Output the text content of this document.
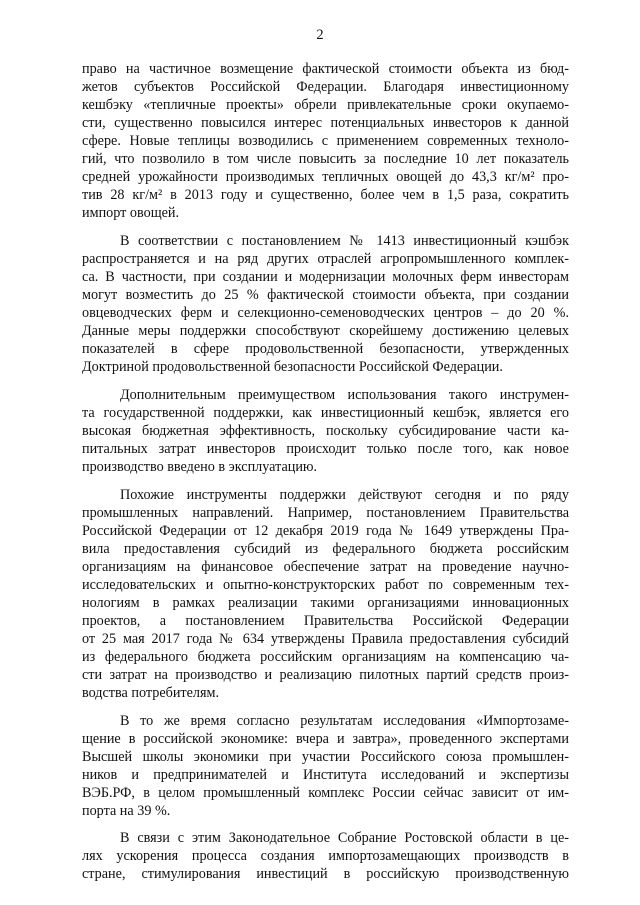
2
право на частичное возмещение фактической стоимости объекта из бюд-
жетов субъектов Российской Федерации. Благодаря инвестиционному
кешбэку «тепличные проекты» обрели привлекательные сроки окупаемо-
сти, существенно повысился интерес потенциальных инвесторов к данной
сфере. Новые теплицы возводились с применением современных техноло-
гий, что позволило в том числе повысить за последние 10 лет показатель
средней урожайности производимых тепличных овощей до 43,3 кг/м² про-
тив 28 кг/м² в 2013 году и существенно, более чем в 1,5 раза, сократить
импорт овощей.
В соответствии с постановлением № 1413 инвестиционный кэшбэк
распространяется и на ряд других отраслей агропромышленного комплек-
са. В частности, при создании и модернизации молочных ферм инвесторам
могут возместить до 25 % фактической стоимости объекта, при создании
овцеводческих ферм и селекционно-семеноводческих центров – до 20 %.
Данные меры поддержки способствуют скорейшему достижению целевых
показателей в сфере продовольственной безопасности, утвержденных
Доктриной продовольственной безопасности Российской Федерации.
Дополнительным преимуществом использования такого инструмен-
та государственной поддержки, как инвестиционный кешбэк, является его
высокая бюджетная эффективность, поскольку субсидирование части ка-
питальных затрат инвесторов происходит только после того, как новое
производство введено в эксплуатацию.
Похожие инструменты поддержки действуют сегодня и по ряду
промышленных направлений. Например, постановлением Правительства
Российской Федерации от 12 декабря 2019 года № 1649 утверждены Пра-
вила предоставления субсидий из федерального бюджета российским
организациям на финансовое обеспечение затрат на проведение научно-
исследовательских и опытно-конструкторских работ по современным тех-
нологиям в рамках реализации такими организациями инновационных
проектов, а постановлением Правительства Российской Федерации
от 25 мая 2017 года № 634 утверждены Правила предоставления субсидий
из федерального бюджета российским организациям на компенсацию ча-
сти затрат на производство и реализацию пилотных партий средств произ-
водства потребителям.
В то же время согласно результатам исследования «Импортозаме-
щение в российской экономике: вчера и завтра», проведенного экспертами
Высшей школы экономики при участии Российского союза промышлен-
ников и предпринимателей и Института исследований и экспертизы
ВЭБ.РФ, в целом промышленный комплекс России сейчас зависит от им-
порта на 39 %.
В связи с этим Законодательное Собрание Ростовской области в це-
лях ускорения процесса создания импортозамещающих производств в
стране, стимулирования инвестиций в российскую производственную
